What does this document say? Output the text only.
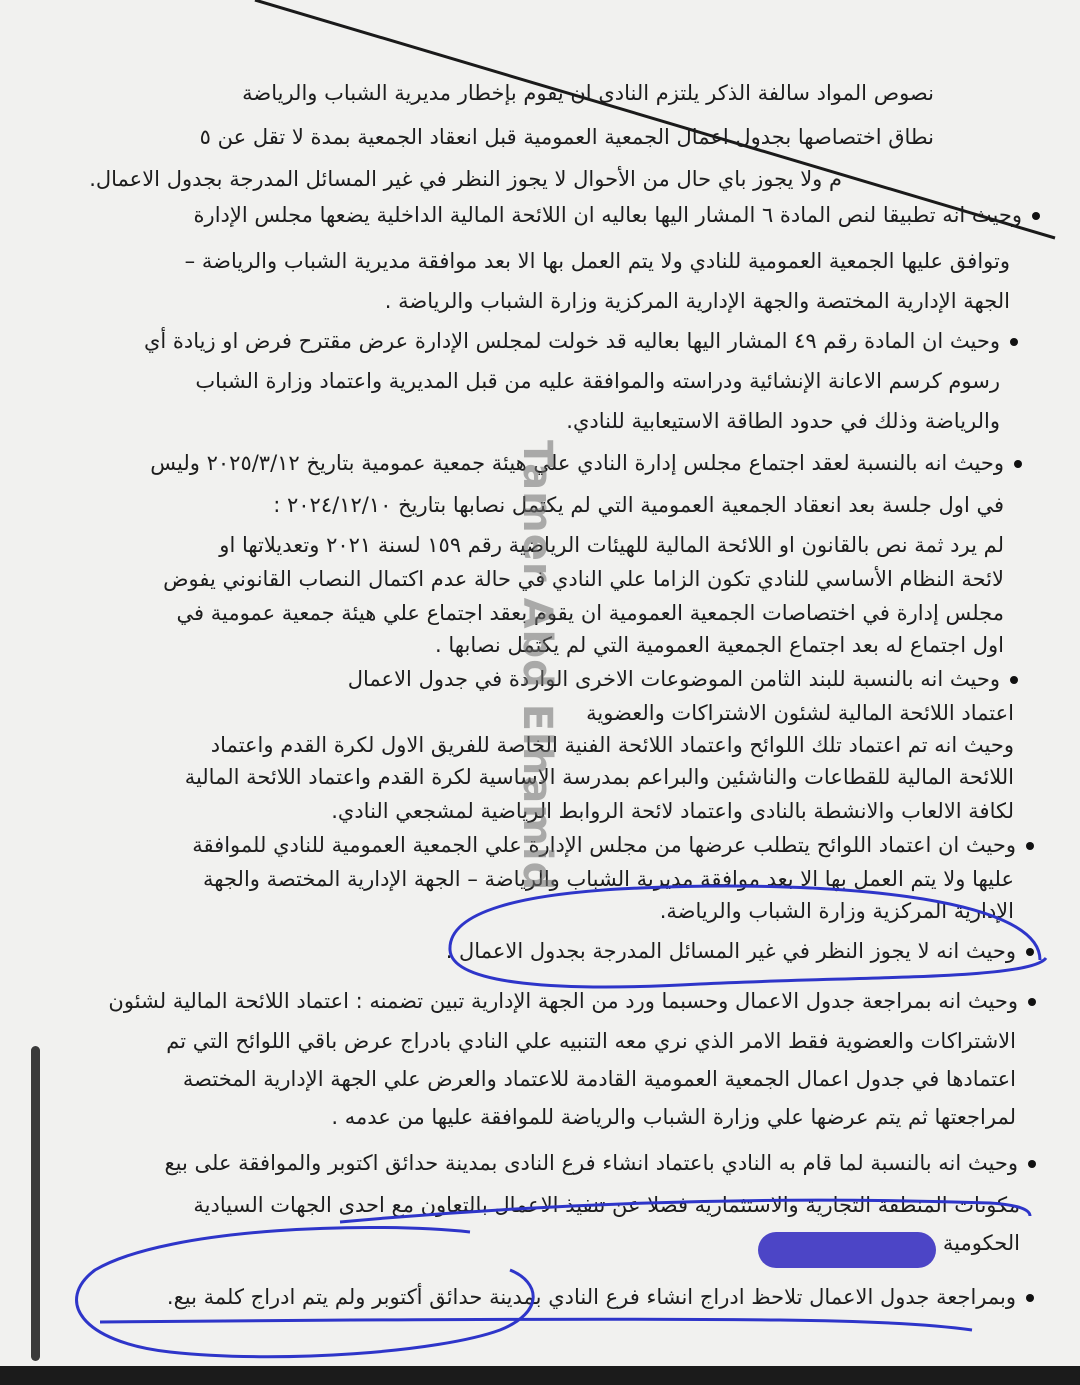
نصوص المواد سالفة الذكر يلتزم النادي ان يقوم بإخطار مديرية الشباب والرياضة
نطاق اختصاصها بجدول اعمال الجمعية العمومية قبل انعقاد الجمعية بمدة لا تقل عن ٥
م ولا يجوز باي حال من الأحوال لا يجوز النظر في غير المسائل المدرجة بجدول الاعمال.
وحيث انه تطبيقا لنص المادة ٦ المشار اليها بعاليه ان اللائحة المالية الداخلية يضعها مجلس الإدارة
وتوافق عليها الجمعية العمومية للنادي ولا يتم العمل بها الا بعد موافقة مديرية الشباب والرياضة –
الجهة الإدارية المختصة والجهة الإدارية المركزية وزارة الشباب والرياضة .
وحيث ان المادة رقم ٤٩ المشار اليها بعاليه قد خولت لمجلس الإدارة عرض مقترح فرض او زيادة أي
رسوم كرسم الاعانة الإنشائية ودراسته والموافقة عليه من قبل المديرية واعتماد وزارة الشباب
والرياضة وذلك في حدود الطاقة الاستيعابية للنادي.
وحيث انه بالنسبة لعقد اجتماع مجلس إدارة النادي علي هيئة جمعية عمومية بتاريخ ٢٠٢٥/٣/١٢ وليس
في اول جلسة بعد انعقاد الجمعية العمومية التي لم يكتمل نصابها بتاريخ ٢٠٢٤/١٢/١٠ :
لم يرد ثمة نص بالقانون او اللائحة المالية للهيئات الرياضية رقم ١٥٩ لسنة ٢٠٢١ وتعديلاتها او
لائحة النظام الأساسي للنادي تكون الزاما علي النادي في حالة عدم اكتمال النصاب القانوني يفوض
مجلس إدارة في اختصاصات الجمعية العمومية ان يقوم بعقد اجتماع علي هيئة جمعية عمومية في
اول اجتماع له بعد اجتماع الجمعية العمومية التي لم يكتمل نصابها .
وحيث انه بالنسبة للبند الثامن الموضوعات الاخرى الواردة في جدول الاعمال
اعتماد اللائحة المالية لشئون الاشتراكات والعضوية
وحيث انه تم اعتماد تلك اللوائح واعتماد اللائحة الفنية الخاصة للفريق الاول لكرة القدم واعتماد
اللائحة المالية للقطاعات والناشئين والبراعم بمدرسة الاساسية لكرة القدم واعتماد اللائحة المالية
لكافة الالعاب والانشطة بالنادى واعتماد لائحة الروابط الرياضية لمشجعي النادي.
وحيث ان اعتماد اللوائح يتطلب عرضها من مجلس الإدارة علي الجمعية العمومية للنادي للموافقة
عليها ولا يتم العمل بها الا بعد موافقة مديرية الشباب والرياضة – الجهة الإدارية المختصة والجهة
الإدارية المركزية وزارة الشباب والرياضة.
وحيث انه لا يجوز النظر في غير المسائل المدرجة بجدول الاعمال .
وحيث انه بمراجعة جدول الاعمال وحسبما ورد من الجهة الإدارية تبين تضمنه : اعتماد اللائحة المالية لشئون
الاشتراكات والعضوية فقط الامر الذي نري معه التنبيه علي النادي بادراج عرض باقي اللوائح التي تم
اعتمادها في جدول اعمال الجمعية العمومية القادمة للاعتماد والعرض علي الجهة الإدارية المختصة
لمراجعتها ثم يتم عرضها علي وزارة الشباب والرياضة للموافقة عليها من عدمه .
وحيث انه بالنسبة لما قام به النادي باعتماد انشاء فرع النادى بمدينة حدائق اكتوبر والموافقة على بيع
مكونات المنطقة التجارية والاستثمارية فضلا عن تنفيذ الاعمال بالتعاون مع احدى الجهات السيادية
الحكومية
وبمراجعة جدول الاعمال تلاحظ ادراج انشاء فرع النادي بمدينة حدائق أكتوبر ولم يتم ادراج كلمة بيع.
Tamer Abd Elhamid
